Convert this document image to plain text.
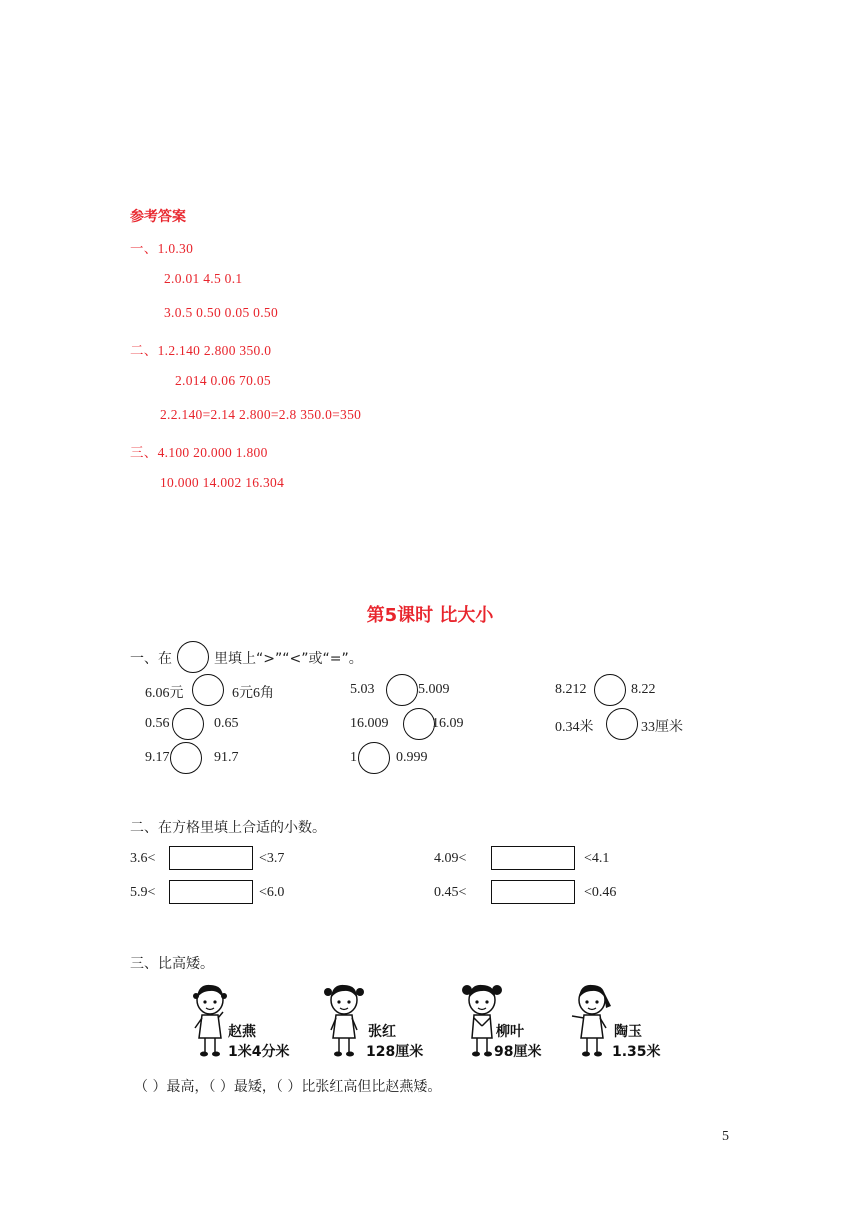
参考答案
一、1.0.30
2.0.01 4.5 0.1
3.0.5 0.50 0.05 0.50
二、1.2.140 2.800 350.0
2.014 0.06 70.05
2.2.140=2.14 2.800=2.8 350.0=350
三、4.100 20.000 1.800
10.000 14.002 16.304
第5课时 比大小
一、在	里填上“>”“<”或“=”。
6.06元	6元6角	5.03	5.009	8.212	8.22
0.56	0.65	16.009	16.09	0.34米	33厘米
9.17	91.7	1	0.999
二、在方格里填上合适的小数。
3.6<	<3.7	4.09<	<4.1
5.9<	<6.0	0.45<	<0.46
三、比高矮。
赵燕
1米4分米
张红
128厘米
柳叶
98厘米
陶玉
1.35米
（ ）最高，（ ）最矮，（ ）比张红高但比赵燕矮。
5
